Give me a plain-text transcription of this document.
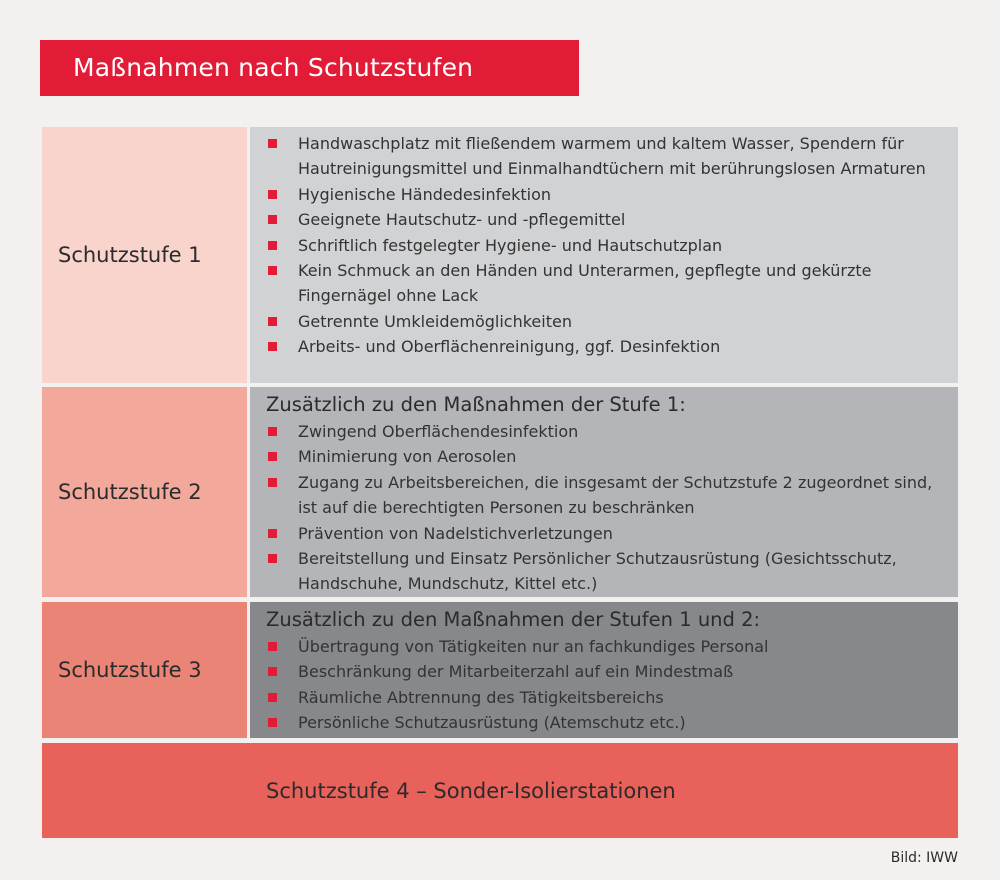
Maßnahmen nach Schutzstufen
Schutzstufe 1
Handwaschplatz mit fließendem warmem und kaltem Wasser, Spendern für Hautreinigungsmittel und Einmalhandtüchern mit berührungslosen Armaturen
Hygienische Händedesinfektion
Geeignete Hautschutz- und -pflegemittel
Schriftlich festgelegter Hygiene- und Hautschutzplan
Kein Schmuck an den Händen und Unterarmen, gepflegte und gekürzte Fingernägel ohne Lack
Getrennte Umkleidemöglichkeiten
Arbeits- und Oberflächenreinigung, ggf. Desinfektion
Schutzstufe 2
Zusätzlich zu den Maßnahmen der Stufe 1:
Zwingend Oberflächendesinfektion
Minimierung von Aerosolen
Zugang zu Arbeitsbereichen, die insgesamt der Schutzstufe 2 zugeordnet sind, ist auf die berechtigten Personen zu beschränken
Prävention von Nadelstichverletzungen
Bereitstellung und Einsatz Persönlicher Schutzausrüstung (Gesichtsschutz, Handschuhe, Mundschutz, Kittel etc.)
Schutzstufe 3
Zusätzlich zu den Maßnahmen der Stufen 1 und 2:
Übertragung von Tätigkeiten nur an fachkundiges Personal
Beschränkung der Mitarbeiterzahl auf ein Mindestmaß
Räumliche Abtrennung des Tätigkeitsbereichs
Persönliche Schutzausrüstung (Atemschutz etc.)
Schutzstufe 4 – Sonder-Isolierstationen
Bild: IWW
